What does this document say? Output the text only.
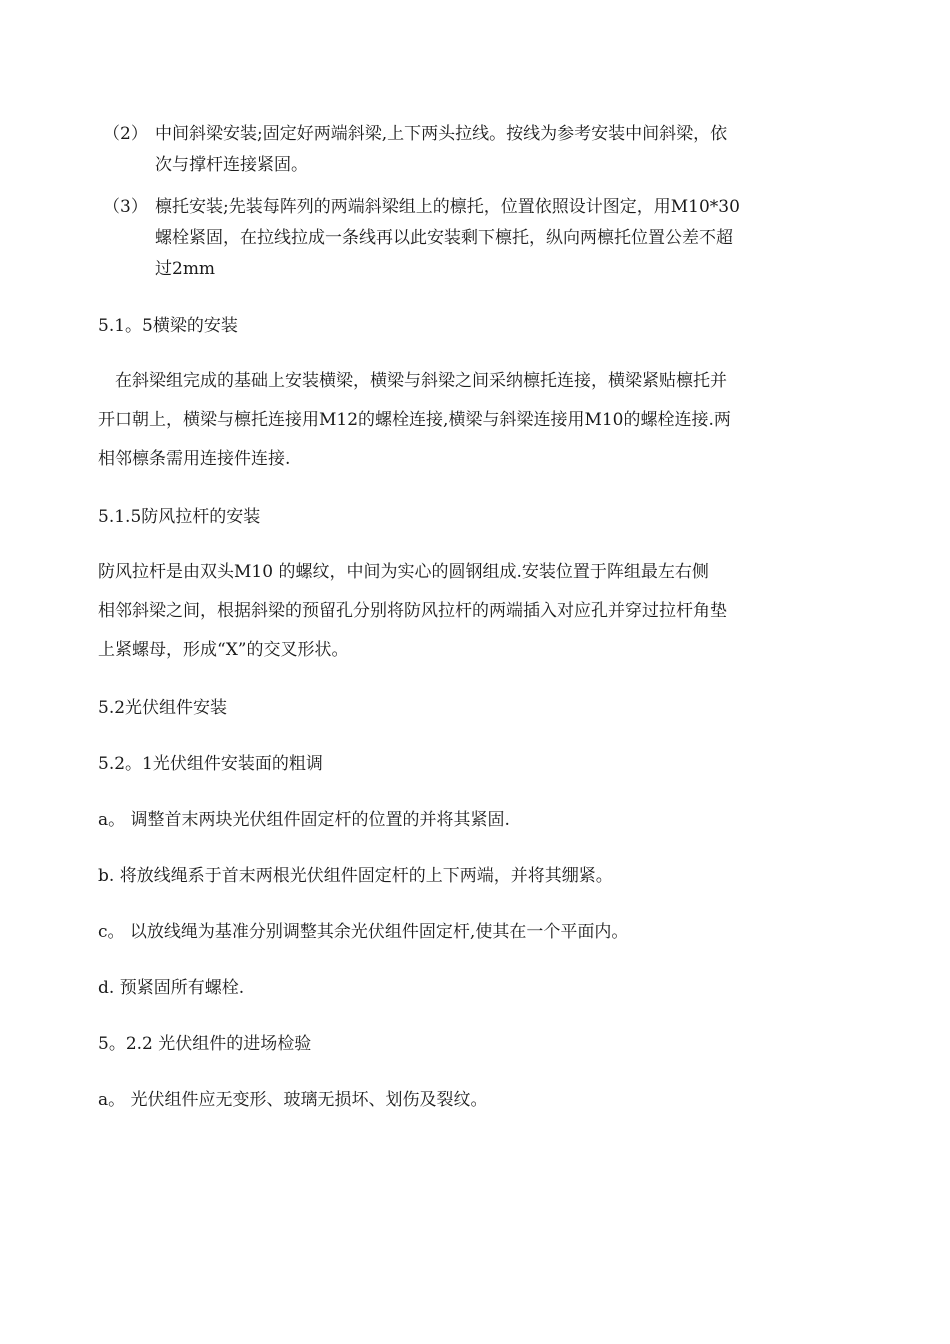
（2） 中间斜梁安装;固定好两端斜梁,上下两头拉线。按线为参考安装中间斜梁，依
次与撑杆连接紧固。
（3） 檩托安装;先装每阵列的两端斜梁组上的檩托，位置依照设计图定，用M10*30
螺栓紧固，在拉线拉成一条线再以此安装剩下檩托，纵向两檩托位置公差不超
过2mm
5.1。5横梁的安装
　在斜梁组完成的基础上安装横梁，横梁与斜梁之间采纳檩托连接，横梁紧贴檩托并
开口朝上，横梁与檩托连接用M12的螺栓连接,横梁与斜梁连接用M10的螺栓连接.两
相邻檩条需用连接件连接.
5.1.5防风拉杆的安装
防风拉杆是由双头M10 的螺纹，中间为实心的圆钢组成.安装位置于阵组最左右侧
相邻斜梁之间，根据斜梁的预留孔分别将防风拉杆的两端插入对应孔并穿过拉杆角垫
上紧螺母，形成“X”的交叉形状。
5.2光伏组件安装
5.2。1光伏组件安装面的粗调
a。 调整首末两块光伏组件固定杆的位置的并将其紧固.
b. 将放线绳系于首末两根光伏组件固定杆的上下两端，并将其绷紧。
c。 以放线绳为基准分别调整其余光伏组件固定杆,使其在一个平面内。
d. 预紧固所有螺栓.
5。2.2 光伏组件的进场检验
a。 光伏组件应无变形、玻璃无损坏、划伤及裂纹。
